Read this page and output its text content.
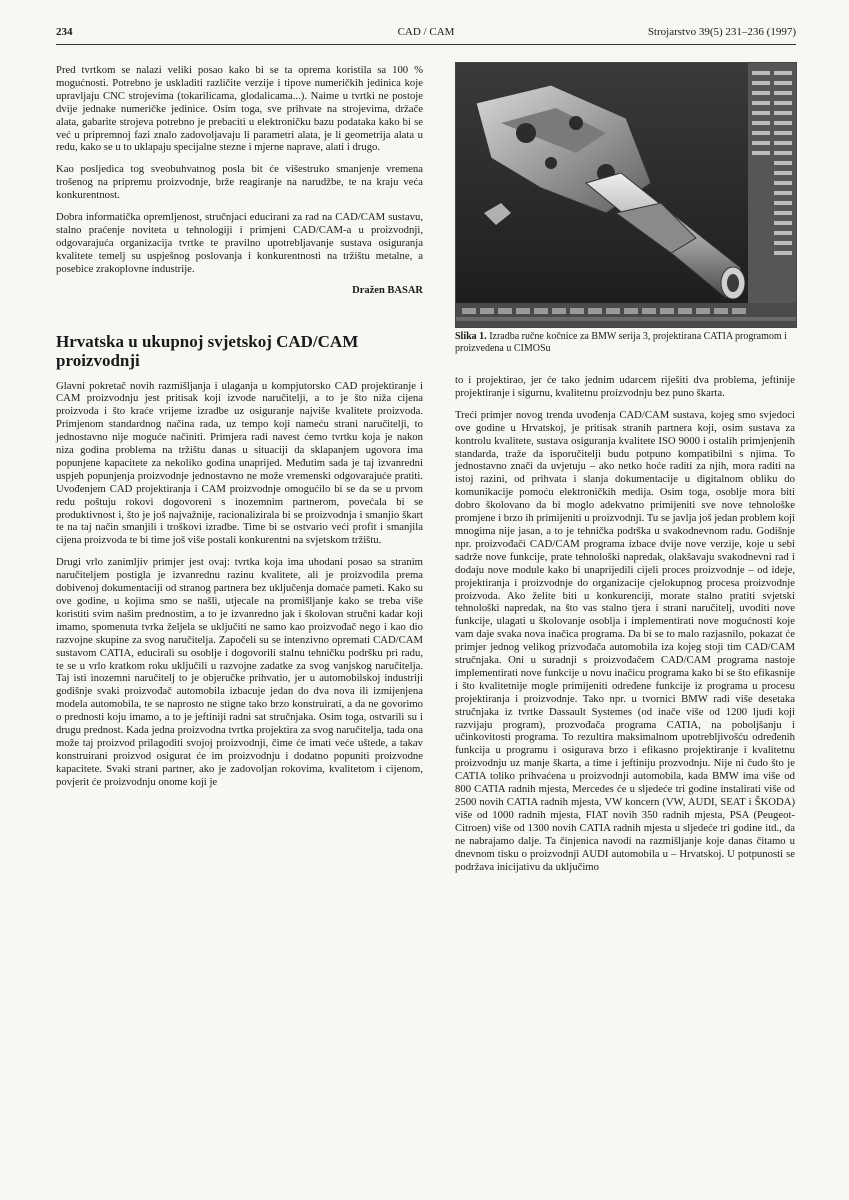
234	CAD / CAM	Strojarstvo 39(5) 231–236 (1997)

Pred tvrtkom se nalazi veliki posao kako bi se ta oprema koristila sa 100 % mogućnosti. Potrebno je uskladiti različite verzije i tipove numeričkih jedinica koje upravljaju CNC strojevima (tokarilicama, glodalicama...). Naime u tvrtki ne postoje dvije jednake numeričke jedinice. Osim toga, sve prihvate na strojevima, držače alata, gabarite strojeva potrebno je prebaciti u elektroničku bazu podataka kako bi se već u pripremnoj fazi znalo zadovoljavaju li parametri alata, je li geometrija alata u redu, kako se u to uklapaju specijalne stezne i mjerne naprave, alati i drugo.

Kao posljedica tog sveobuhvatnog posla bit će višestruko smanjenje vremena trošenog na pripremu proizvodnje, brže reagiranje na narudžbe, te na kraju veća konkurentnost.

Dobra informatička opremljenost, stručnjaci educirani za rad na CAD/CAM sustavu, stalno praćenje noviteta u tehnologiji i primjeni CAD/CAM-a u proizvodnji, odgovarajuća organizacija tvrtke te pravilno upotrebljavanje sustava osiguranja kvalitete temelj su uspješnog poslovanja i konkurentnosti na tržištu metalne, a posebice zrakoplovne industrije.

Dražen BASAR
Hrvatska u ukupnoj svjetskoj CAD/CAM proizvodnji

Glavni pokretač novih razmišljanja i ulaganja u kompjutorsko CAD projektiranje i CAM proizvodnju jest pritisak koji izvode naručitelji, a to je što niža cijena proizvoda i što kraće vrijeme izradbe uz osiguranje najviše kvalitete proizvoda. Primjenom standardnog načina rada, uz tempo koji nameću strani naručitelji, to jednostavno nije moguće načiniti. Primjera radi navest ćemo tvrtku koja je nakon niza godina problema na tržištu danas u situaciji da sklapanjem ugovora ima popunjene kapacitete za nekoliko godina unaprijed. Međutim sada je taj izvanredni uspjeh popunjenja proizvodnje jednostavno ne može vremenski odgovarajuće pratiti. Uvođenjem CAD projektiranja i CAM proizvodnje omogućilo bi se da se u prvom redu poštuju rokovi dogovoreni s inozemnim partnerom, povećala bi se produktivnost i, što je još najvažnije, racionalizirala bi se proizvodnja i smanjio škart te na taj način smanjili i troškovi izradbe. Time bi se ostvario veći profit i smanjila cijena proizvoda te bi time još više postali konkurentni na svjetskom tržištu.

Drugi vrlo zanimljiv primjer jest ovaj: tvrtka koja ima uhodani posao sa stranim naručiteljem postigla je izvanrednu razinu kvalitete, ali je proizvodila prema dobivenoj dokumentaciji od stranog partnera bez uključenja domaće pameti. Kako su ove godine, u kojima smo se našli, utjecale na promišljanje kako se treba više koristiti svim našim prednostim, a to je izvanredno jak i školovan stručni kadar koji imamo, spomenuta tvrka željela se uključiti ne samo kao proizvođač nego i kao dio razvojne skupine za svog naručitelja. Započeli su se intenzivno opremati CAD/CAM sustavom CATIA, educirali su osoblje i dogovorili stalnu tehničku podršku pri radu, te se u vrlo kratkom roku uključili u razvojne zadatke za svog vanjskog naručitelja. Taj isti inozemni naručitelj to je objeručke prihvatio, jer u automobilskoj industriji godišnje svaki proizvođač automobila izbacuje jedan do dva nova ili izmijenjena modela automobila, te se naprosto ne stigne tako brzo konstruirati, a da ne govorimo o prednosti koju imamo, a to je jeftiniji radni sat stručnjaka. Osim toga, ostvarili su i drugu prednost. Kada jedna proizvodna tvrtka projektira za svog naručitelja, tada ona može taj proizvod prilagoditi svojoj proizvodnji, čime će imati veće uštede, a takav konstruirani proizvod osigurat će im proizvodnju i dodatno popuniti proizvodne kapacitete. Svaki strani partner, ako je zadovoljan rokovima, kvalitetom i cijenom, povjerit će proizvodnju onome koji je

Slika 1. Izradba ručne kočnice za BMW serija 3, projektirana CATIA programom i proizvedena u CIMOSu

to i projektirao, jer će tako jednim udarcem riješiti dva problema, jeftinije projektiranje i sigurnu, kvalitetnu proizvodnju bez puno škarta.

Treći primjer novog trenda uvođenja CAD/CAM sustava, kojeg smo svjedoci ove godine u Hrvatskoj, je pritisak stranih partnera koji, osim sustava za kontrolu kvalitete, sustava osiguranja kvalitete ISO 9000 i ostalih primjenjenih standarda, traže da isporučitelji budu potpuno kompatibilni s njima. To jednostavno znači da uvjetuju – ako netko hoće raditi za njih, mora raditi na istoj razini, od prihvata i slanja dokumentacije u digitalnom obliku do komunikacije pomoću elektroničkih medija. Osim toga, osoblje mora biti dobro školovano da bi moglo adekvatno primijeniti sve nove tehnološke promjene i brzo ih primijeniti u proizvodnji. Tu se javlja još jedan problem koji mnogima nije jasan, a to je tehnička podrška u svakodnevnom radu. Godišnje npr. proizvođači CAD/CAM programa izbace dvije nove verzije, koje u sebi sadrže nove funkcije, prate tehnološki napredak, olakšavaju svakodnevni rad i dodaju nove module kako bi unaprijedili cijeli proces proizvodnje – od ideje, projektiranja i proizvodnje do organizacije cjelokupnog procesa proizvodnje proizvoda. Ako želite biti u konkurenciji, morate stalno pratiti svjetski tehnološki napredak, na što vas stalno tjera i strani naručitelj, uvoditi nove funkcije, ulagati u školovanje osoblja i implementirati nove mogućnosti koje vam daje svaka nova inačica programa. Da bi se to malo razjasnilo, pokazat će primjer jednog velikog prizvođača automobila iza kojeg stoji tim CAD/CAM stručnjaka. Oni u suradnji s proizvođačem CAD/CAM programa nastoje implementirati nove funkcije u novu inačicu programa kako bi se što efikasnije i što kvalitetnije mogle primijeniti određene funkcije iz programa u procesu projektiranja i proizvodnje. Tako npr. u tvornici BMW radi više desetaka stručnjaka iz tvrtke Dassault Systemes (od inače više od 1200 ljudi koji razvijaju program), prozvođača programa CATIA, na poboljšanju i učinkovitosti programa. To rezultira maksimalnom upotrebljivošću određenih funkcija u programu i osigurava brzo i efikasno projektiranje i kvalitetnu proizvodnju uz manje škarta, a time i jeftiniju prozvodnju. Nije ni čudo što je CATIA toliko prihvaćena u proizvodnji automobila, kada BMW ima više od 800 CATIA radnih mjesta, Mercedes će u sljedeće tri godine instalirati više od 2500 novih CATIA radnih mjesta, VW koncern (VW, AUDI, SEAT i ŠKODA) više od 1000 radnih mjesta, FIAT novih 350 radnih mjesta, PSA (Peugeot-Citroen) više od 1300 novih CATIA radnih mjesta u sljedeće tri godine itd., da ne nabrajamo dalje. Ta činjenica navodi na razmišljanje koje danas čitamo u dnevnom tisku o proizvodnji AUDI automobila u – Hrvatskoj. U potpunosti se podržava inicijativu da uključimo
